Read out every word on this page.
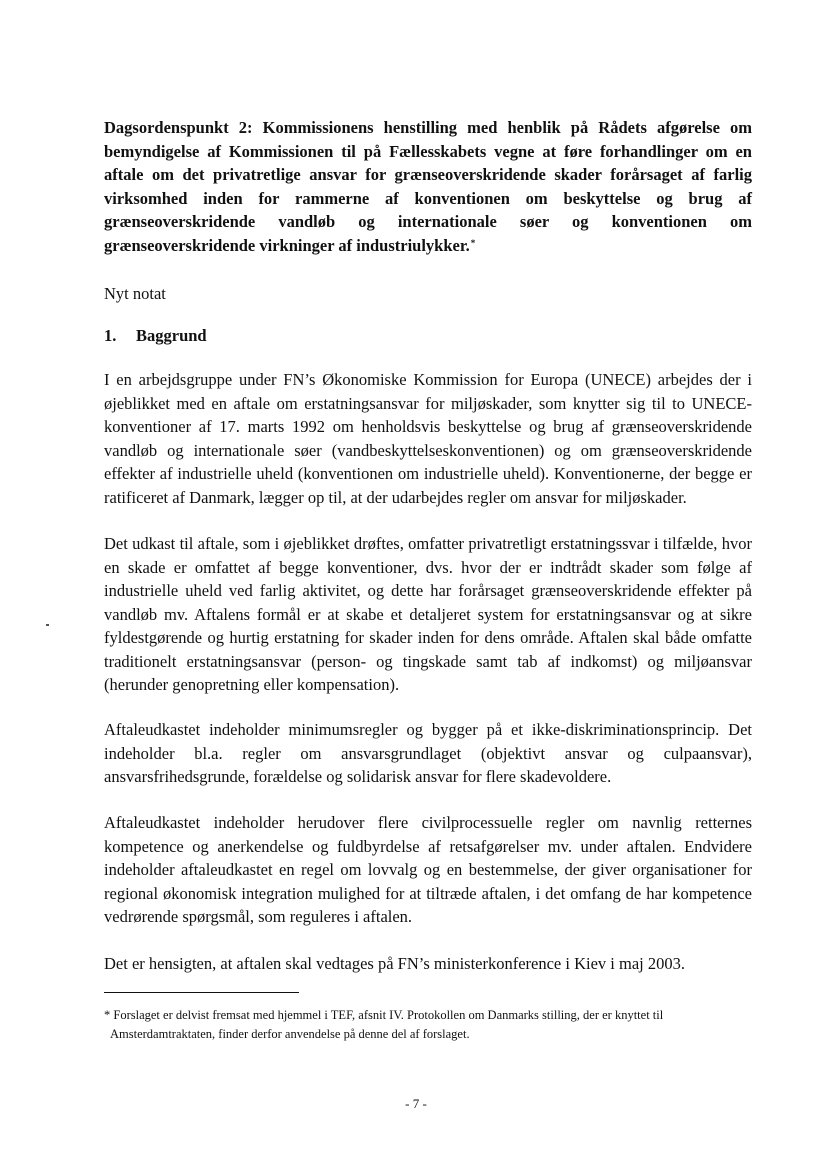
Dagsordenspunkt 2: Kommissionens henstilling med henblik på Rådets afgørelse om bemyndigelse af Kommissionen til på Fællesskabets vegne at føre forhandlinger om en aftale om det privatretlige ansvar for grænseoverskridende skader forårsaget af farlig virksomhed inden for rammerne af konventionen om beskyttelse og brug af grænseoverskridende vandløb og internationale søer og konventionen om grænseoverskridende virkninger af industriulykker.*

Nyt notat
1. Baggrund

I en arbejdsgruppe under FN’s Økonomiske Kommission for Europa (UNECE) arbejdes der i øjeblikket med en aftale om erstatningsansvar for miljøskader, som knytter sig til to UNECE-konventioner af 17. marts 1992 om henholdsvis beskyttelse og brug af grænseoverskridende vandløb og internationale søer (vandbeskyttelseskonventionen) og om grænseoverskridende effekter af industrielle uheld (konventionen om industrielle uheld). Konventionerne, der begge er ratificeret af Danmark, lægger op til, at der udarbejdes regler om ansvar for miljøskader.

Det udkast til aftale, som i øjeblikket drøftes, omfatter privatretligt erstatningssvar i tilfælde, hvor en skade er omfattet af begge konventioner, dvs. hvor der er indtrådt skader som følge af industrielle uheld ved farlig aktivitet, og dette har forårsaget grænseoverskridende effekter på vandløb mv. Aftalens formål er at skabe et detaljeret system for erstatningsansvar og at sikre fyldestgørende og hurtig erstatning for skader inden for dens område. Aftalen skal både omfatte traditionelt erstatningsansvar (person- og tingskade samt tab af indkomst) og miljøansvar (herunder genopretning eller kompensation).

Aftaleudkastet indeholder minimumsregler og bygger på et ikke-diskriminationsprincip. Det indeholder bl.a. regler om ansvarsgrundlaget (objektivt ansvar og culpaansvar), ansvarsfrihedsgrunde, forældelse og solidarisk ansvar for flere skadevoldere.

Aftaleudkastet indeholder herudover flere civilprocessuelle regler om navnlig retternes kompetence og anerkendelse og fuldbyrdelse af retsafgørelser mv. under aftalen. Endvidere indeholder aftaleudkastet en regel om lovvalg og en bestemmelse, der giver organisationer for regional økonomisk integration mulighed for at tiltræde aftalen, i det omfang de har kompetence vedrørende spørgsmål, som reguleres i aftalen.

Det er hensigten, at aftalen skal vedtages på FN’s ministerkonference i Kiev i maj 2003.

* Forslaget er delvist fremsat med hjemmel i TEF, afsnit IV. Protokollen om Danmarks stilling, der er knyttet til
Amsterdamtraktaten, finder derfor anvendelse på denne del af forslaget.

- 7 -
